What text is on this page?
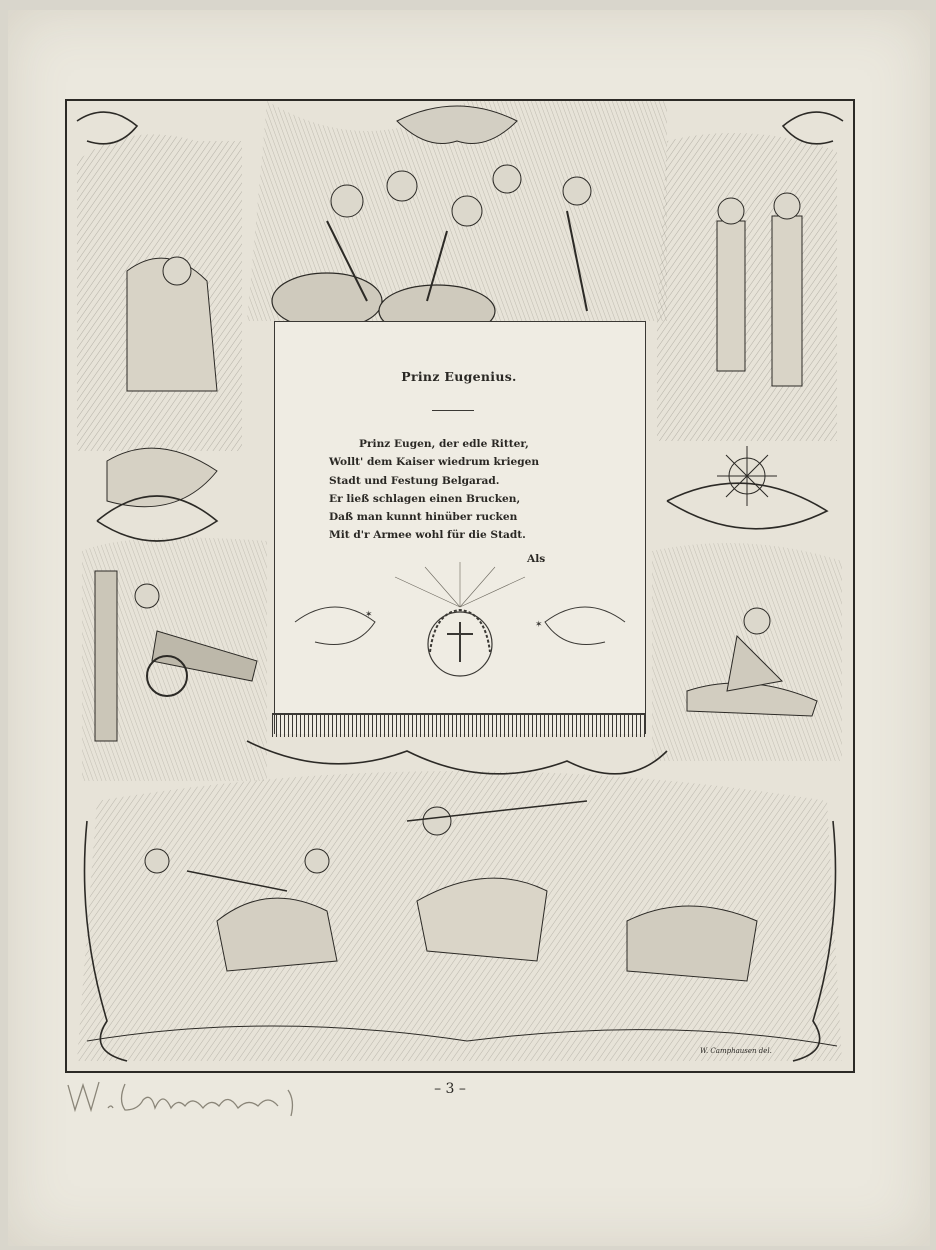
✶
✶
Prinz Eugenius.
Prinz Eugen, der edle Ritter,
Wollt' dem Kaiser wiedrum kriegen
Stadt und Festung Belgarad.
Er ließ schlagen einen Brucken,
Daß man kunnt hinüber rucken
Mit d'r Armee wohl für die Stadt.
Als
W. Camphausen del.
– 3 –
